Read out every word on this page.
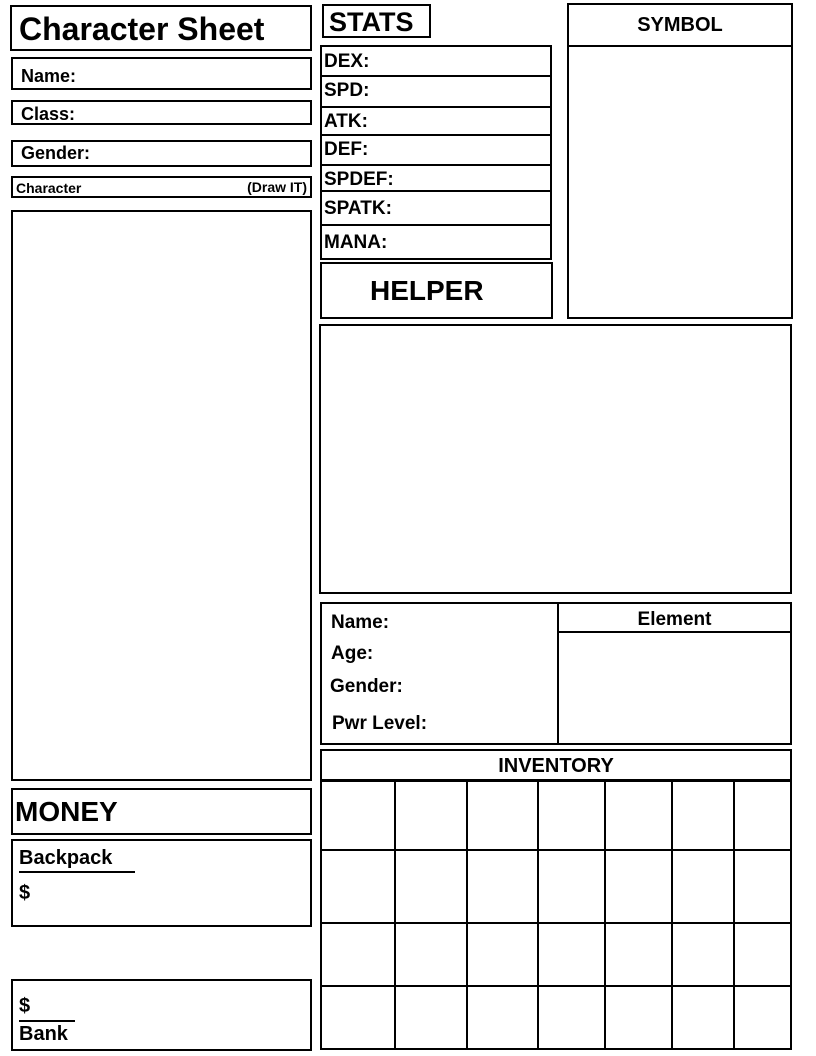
Character Sheet
Name:
Class:
Gender:
Character	(Draw IT)
MONEY
Backpack
$
$
Bank
STATS
DEX:
SPD:
ATK:
DEF:
SPDEF:
SPATK:
MANA:
HELPER
SYMBOL
Name:
Age:
Gender:
Pwr Level:
Element
INVENTORY
